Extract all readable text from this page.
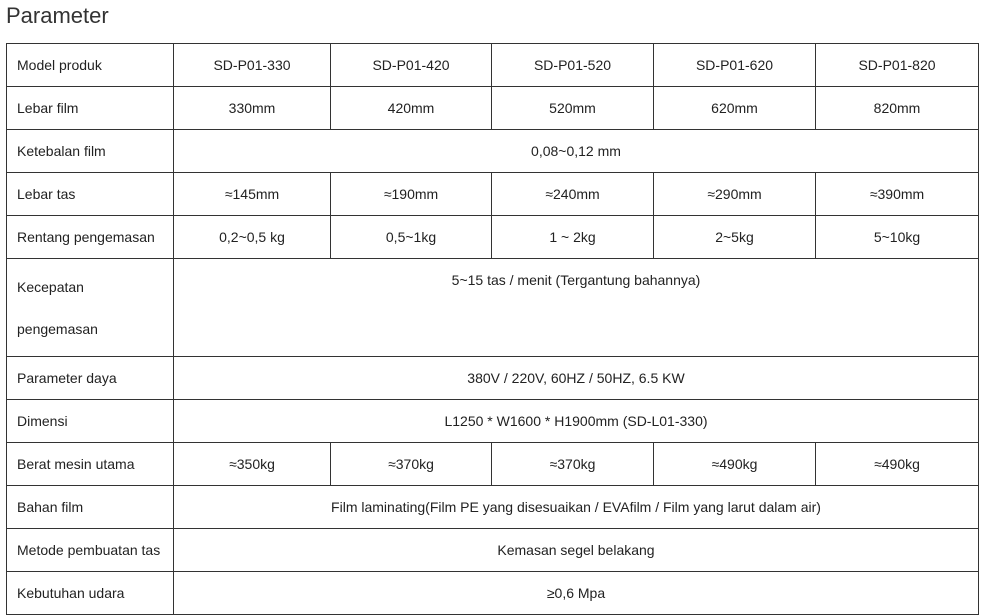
Parameter
Model produk	SD-P01-330	SD-P01-420	SD-P01-520	SD-P01-620	SD-P01-820
Lebar film	330mm	420mm	520mm	620mm	820mm
Ketebalan film	0,08~0,12 mm				
Lebar tas	≈145mm	≈190mm	≈240mm	≈290mm	≈390mm
Rentang pengemasan	0,2~0,5 kg	0,5~1kg	1 ~ 2kg	2~5kg	5~10kg
Kecepatan
pengemasan	5~15 tas / menit (Tergantung bahannya)				
Parameter daya	380V / 220V, 60HZ / 50HZ, 6.5 KW				
Dimensi	L1250 * W1600 * H1900mm (SD-L01-330)				
Berat mesin utama	≈350kg	≈370kg	≈370kg	≈490kg	≈490kg
Bahan film	Film laminating(Film PE yang disesuaikan / EVAfilm / Film yang larut dalam air)				
Metode pembuatan tas	Kemasan segel belakang				
Kebutuhan udara	≥0,6 Mpa				
